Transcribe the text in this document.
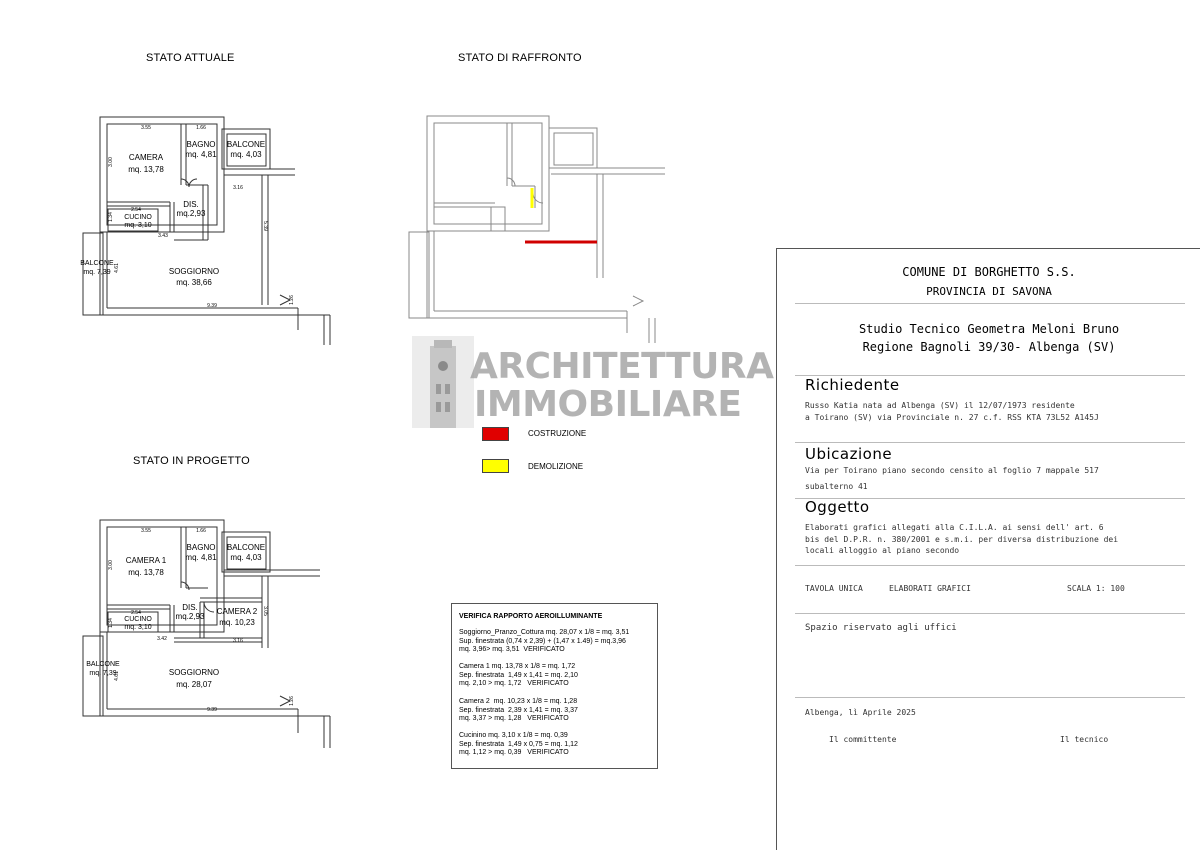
STATO ATTUALE	STATO DI RAFFRONTO
STATO IN PROGETTO
CAMERA
mq. 13,78
BAGNO
mq. 4,81
BALCONE
mq. 4,03
DIS.
mq.2,93
CUCINO
mq. 3,10
BALCONE
mq. 7,39	SOGGIORNO
mq. 38,66
3.55	1.66
3.16
2.54
3.43
9.39
3.00
1.34
4.61
5.39
1.26
ARCHITETTURA
IMMOBILIARE
COSTRUZIONE
DEMOLIZIONE
CAMERA 1
mq. 13,78
BAGNO
mq. 4,81
BALCONE
mq. 4,03
DIS.
mq.2,93
CAMERA 2
mq. 10,23
CUCINO
mq. 3,10
BALCONE
mq. 7,39	SOGGIORNO
mq. 28,07
3.55	1.66
3.16
2.54
3.42
9.39
3.00
1.34
4.61
3.05
1.26
VERIFICA RAPPORTO AEROILLUMINANTE
Soggiorno_Pranzo_Cottura mq. 28,07 x 1/8 = mq. 3,51
Sup. finestrata (0,74 x 2,39) + (1,47 x 1.49) = mq.3,96
mq. 3,96> mq. 3,51  VERIFICATO
Camera 1 mq. 13,78 x 1/8 = mq. 1,72
Sep. finestrata  1,49 x 1,41 = mq. 2,10
mq. 2,10 > mq. 1,72   VERIFICATO
Camera 2  mq. 10,23 x 1/8 = mq. 1,28
Sep. finestrata  2,39 x 1,41 = mq. 3,37
mq. 3,37 > mq. 1,28   VERIFICATO
Cucinino mq. 3,10 x 1/8 = mq. 0,39
Sep. finestrata  1,49 x 0,75 = mq. 1,12
mq. 1,12 > mq. 0,39   VERIFICATO
COMUNE DI BORGHETTO S.S.
PROVINCIA DI SAVONA
Studio Tecnico Geometra Meloni Bruno
Regione Bagnoli 39/30- Albenga (SV)
Richiedente
Russo Katia nata ad Albenga (SV) il 12/07/1973 residente
a Toirano (SV) via Provinciale n. 27 c.f. RSS KTA 73L52 A145J
Ubicazione
Via per Toirano piano secondo censito al foglio 7 mappale 517
subalterno 41
Oggetto
Elaborati grafici allegati alla C.I.L.A. ai sensi dell' art. 6
bis del D.P.R. n. 380/2001 e s.m.i. per diversa distribuzione dei
locali alloggio al piano secondo
TAVOLA UNICA	ELABORATI GRAFICI	SCALA 1: 100
Spazio riservato agli uffici
Albenga, lì Aprile 2025
Il committente	Il tecnico
